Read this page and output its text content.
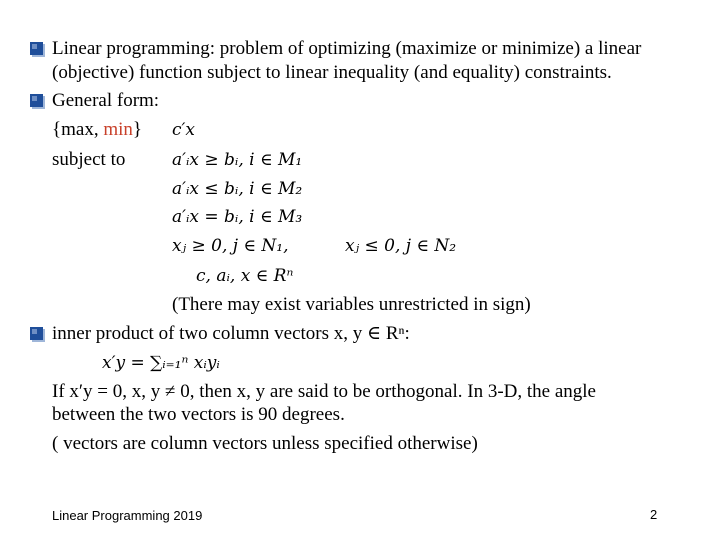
Linear programming: problem of optimizing (maximize or minimize) a linear
(objective) function subject to linear inequality (and equality) constraints.
General form:
{max, min} c′x
subject to	a′ᵢx ≥ bᵢ, i ∈ M₁
a′ᵢx ≤ bᵢ, i ∈ M₂
a′ᵢx = bᵢ, i ∈ M₃
xⱼ ≥ 0, j ∈ N₁,	xⱼ ≤ 0, j ∈ N₂
c, aᵢ, x ∈ Rⁿ
(There may exist variables unrestricted in sign)
inner product of two column vectors x, y ∈ Rⁿ:
x′y = ∑ᵢ₌₁ⁿ xᵢyᵢ
If x′y = 0, x, y ≠ 0, then x, y are said to be orthogonal. In 3-D, the angle
between the two vectors is 90 degrees.
( vectors are column vectors unless specified otherwise)
Linear Programming 2019	2
